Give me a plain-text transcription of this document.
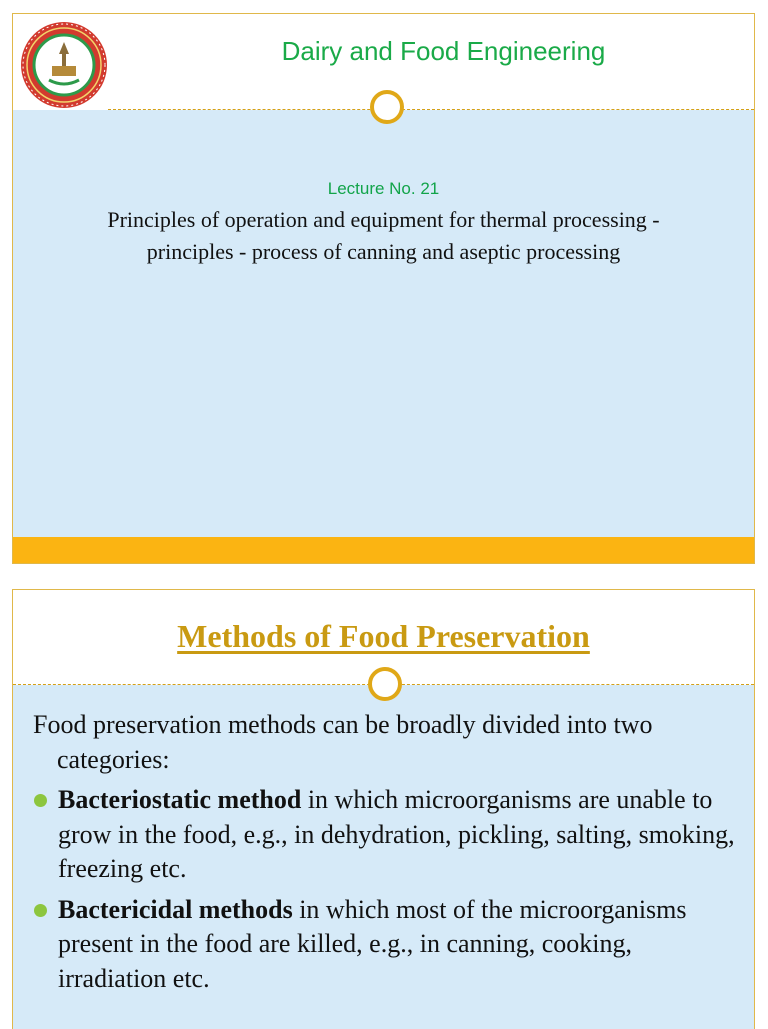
Dairy and Food Engineering
Lecture No. 21
Principles of operation and equipment for thermal processing -
principles - process of canning and aseptic processing
Methods of Food Preservation
Food preservation methods can be broadly divided into two categories:
Bacteriostatic method in which microorganisms are unable to grow in the food, e.g., in dehydration, pickling, salting, smoking, freezing etc.
Bactericidal methods in which most of the microorganisms present in the food are killed, e.g., in canning, cooking, irradiation etc.
